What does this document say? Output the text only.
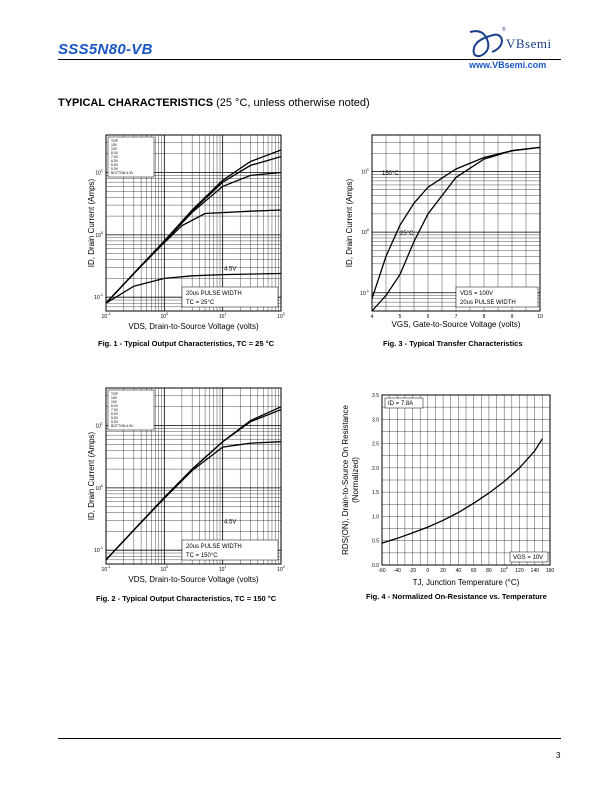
SSS5N80-VB
®
VBsemi
www.VBsemi.com
TYPICAL CHARACTERISTICS (25 °C, unless otherwise noted)
$10^{-1}$	$10^0$	$10^1$	$10^2$
$10^{-1}$
$10^0$
$10^1$
VDS, Drain-to-Source Voltage (volts)
ID, Drain Current (Amps)
TOP
15V
10V
8.0V
7.0V
6.0V
5.5V
5.0V
BOTTOM 4.5V
4.5V
20us PULSE WIDTH
TC = 25°C
Fig. 1 - Typical Output Characteristics, TC = 25 °C
4	5	6	7	8	9	10
$10^{-1}$
$10^0$
$10^1$
VGS, Gate-to-Source Voltage (volts)
ID, Drain Current (Amps)
150°C
25°C
VDS = 100V
20us PULSE WIDTH
Fig. 3 - Typical Transfer Characteristics
$10^{-1}$	$10^0$	$10^1$	$10^2$
$10^{-1}$
$10^0$
$10^1$
VDS, Drain-to-Source Voltage (volts)
ID, Drain Current (Amps)
TOP
15V
10V
8.0V
7.0V
6.0V
5.5V
5.0V
BOTTOM 4.5V
4.5V
20us PULSE WIDTH
TC = 150°C
Fig. 2 - Typical Output Characteristics, TC = 150 °C
-60 -40 -20 0 20 40 60 80 $10^0$ 120 140 160
0.0
0.5
1.0
1.5
2.0
2.5
3.0
3.5
TJ, Junction Temperature (°C)
RDS(ON), Drain-to-Source On Resistance (Normalized)
ID = 7.8A
VGS = 10V
Fig. 4 - Normalized On-Resistance vs. Temperature
3
